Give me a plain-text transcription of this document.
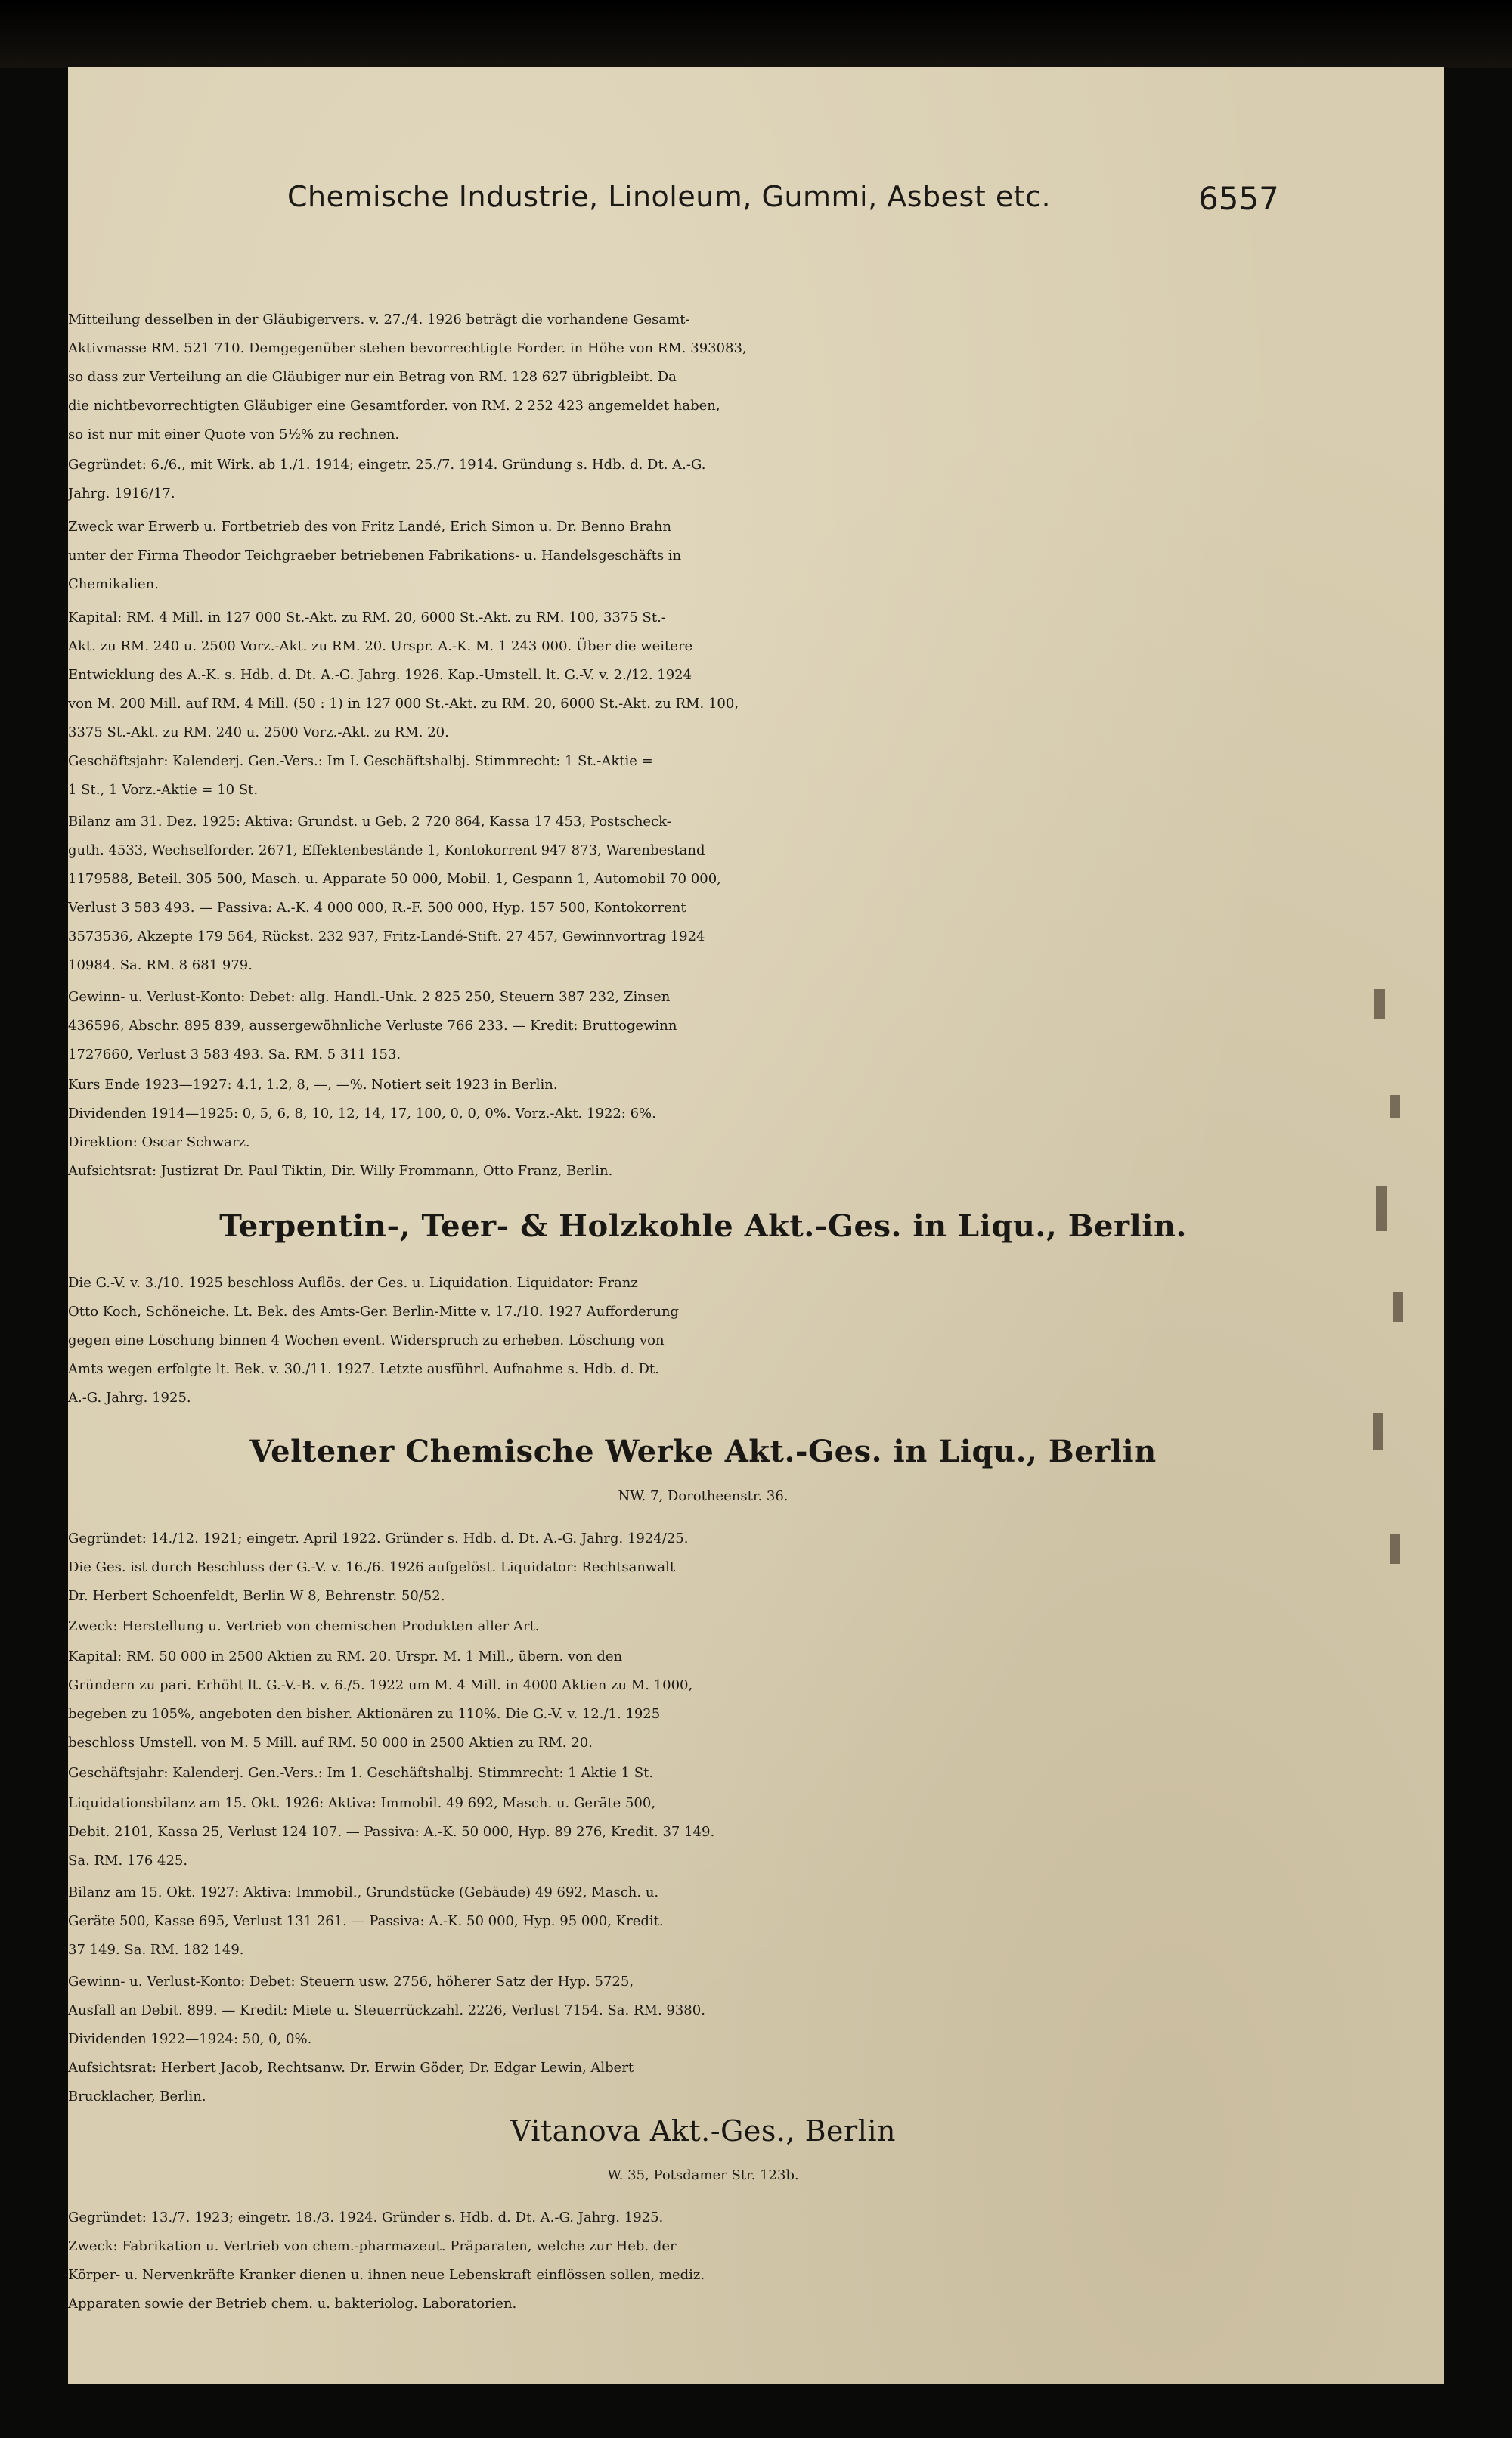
Chemische Industrie, Linoleum, Gummi, Asbest etc.	6557
Mitteilung desselben in der Gläubigervers. v. 27./4. 1926 beträgt die vorhandene Gesamt-
Aktivmasse RM. 521 710. Demgegenüber stehen bevorrechtigte Forder. in Höhe von RM. 393083,
so dass zur Verteilung an die Gläubiger nur ein Betrag von RM. 128 627 übrigbleibt. Da
die nichtbevorrechtigten Gläubiger eine Gesamtforder. von RM. 2 252 423 angemeldet haben,
so ist nur mit einer Quote von 5½% zu rechnen.
Gegründet: 6./6., mit Wirk. ab 1./1. 1914; eingetr. 25./7. 1914. Gründung s. Hdb. d. Dt. A.-G.
Jahrg. 1916/17.
Zweck war Erwerb u. Fortbetrieb des von Fritz Landé, Erich Simon u. Dr. Benno Brahn
unter der Firma Theodor Teichgraeber betriebenen Fabrikations- u. Handelsgeschäfts in
Chemikalien.
Kapital: RM. 4 Mill. in 127 000 St.-Akt. zu RM. 20, 6000 St.-Akt. zu RM. 100, 3375 St.-
Akt. zu RM. 240 u. 2500 Vorz.-Akt. zu RM. 20. Urspr. A.-K. M. 1 243 000. Über die weitere
Entwicklung des A.-K. s. Hdb. d. Dt. A.-G. Jahrg. 1926. Kap.-Umstell. lt. G.-V. v. 2./12. 1924
von M. 200 Mill. auf RM. 4 Mill. (50 : 1) in 127 000 St.-Akt. zu RM. 20, 6000 St.-Akt. zu RM. 100,
3375 St.-Akt. zu RM. 240 u. 2500 Vorz.-Akt. zu RM. 20.
Geschäftsjahr: Kalenderj. Gen.-Vers.: Im I. Geschäftshalbj. Stimmrecht: 1 St.-Aktie =
1 St., 1 Vorz.-Aktie = 10 St.
Bilanz am 31. Dez. 1925: Aktiva: Grundst. u Geb. 2 720 864, Kassa 17 453, Postscheck-
guth. 4533, Wechselforder. 2671, Effektenbestände 1, Kontokorrent 947 873, Warenbestand
1179588, Beteil. 305 500, Masch. u. Apparate 50 000, Mobil. 1, Gespann 1, Automobil 70 000,
Verlust 3 583 493. — Passiva: A.-K. 4 000 000, R.-F. 500 000, Hyp. 157 500, Kontokorrent
3573536, Akzepte 179 564, Rückst. 232 937, Fritz-Landé-Stift. 27 457, Gewinnvortrag 1924
10984. Sa. RM. 8 681 979.
Gewinn- u. Verlust-Konto: Debet: allg. Handl.-Unk. 2 825 250, Steuern 387 232, Zinsen
436596, Abschr. 895 839, aussergewöhnliche Verluste 766 233. — Kredit: Bruttogewinn
1727660, Verlust 3 583 493. Sa. RM. 5 311 153.
Kurs Ende 1923—1927: 4.1, 1.2, 8, —, —%. Notiert seit 1923 in Berlin.
Dividenden 1914—1925: 0, 5, 6, 8, 10, 12, 14, 17, 100, 0, 0, 0%. Vorz.-Akt. 1922: 6%.
Direktion: Oscar Schwarz.
Aufsichtsrat: Justizrat Dr. Paul Tiktin, Dir. Willy Frommann, Otto Franz, Berlin.
Terpentin-, Teer- & Holzkohle Akt.-Ges. in Liqu., Berlin.
Die G.-V. v. 3./10. 1925 beschloss Auflös. der Ges. u. Liquidation. Liquidator: Franz
Otto Koch, Schöneiche. Lt. Bek. des Amts-Ger. Berlin-Mitte v. 17./10. 1927 Aufforderung
gegen eine Löschung binnen 4 Wochen event. Widerspruch zu erheben. Löschung von
Amts wegen erfolgte lt. Bek. v. 30./11. 1927. Letzte ausführl. Aufnahme s. Hdb. d. Dt.
A.-G. Jahrg. 1925.
Veltener Chemische Werke Akt.-Ges. in Liqu., Berlin
NW. 7, Dorotheenstr. 36.
Gegründet: 14./12. 1921; eingetr. April 1922. Gründer s. Hdb. d. Dt. A.-G. Jahrg. 1924/25.
Die Ges. ist durch Beschluss der G.-V. v. 16./6. 1926 aufgelöst. Liquidator: Rechtsanwalt
Dr. Herbert Schoenfeldt, Berlin W 8, Behrenstr. 50/52.
Zweck: Herstellung u. Vertrieb von chemischen Produkten aller Art.
Kapital: RM. 50 000 in 2500 Aktien zu RM. 20. Urspr. M. 1 Mill., übern. von den
Gründern zu pari. Erhöht lt. G.-V.-B. v. 6./5. 1922 um M. 4 Mill. in 4000 Aktien zu M. 1000,
begeben zu 105%, angeboten den bisher. Aktionären zu 110%. Die G.-V. v. 12./1. 1925
beschloss Umstell. von M. 5 Mill. auf RM. 50 000 in 2500 Aktien zu RM. 20.
Geschäftsjahr: Kalenderj. Gen.-Vers.: Im 1. Geschäftshalbj. Stimmrecht: 1 Aktie 1 St.
Liquidationsbilanz am 15. Okt. 1926: Aktiva: Immobil. 49 692, Masch. u. Geräte 500,
Debit. 2101, Kassa 25, Verlust 124 107. — Passiva: A.-K. 50 000, Hyp. 89 276, Kredit. 37 149.
Sa. RM. 176 425.
Bilanz am 15. Okt. 1927: Aktiva: Immobil., Grundstücke (Gebäude) 49 692, Masch. u.
Geräte 500, Kasse 695, Verlust 131 261. — Passiva: A.-K. 50 000, Hyp. 95 000, Kredit.
37 149. Sa. RM. 182 149.
Gewinn- u. Verlust-Konto: Debet: Steuern usw. 2756, höherer Satz der Hyp. 5725,
Ausfall an Debit. 899. — Kredit: Miete u. Steuerrückzahl. 2226, Verlust 7154. Sa. RM. 9380.
Dividenden 1922—1924: 50, 0, 0%.
Aufsichtsrat: Herbert Jacob, Rechtsanw. Dr. Erwin Göder, Dr. Edgar Lewin, Albert
Brucklacher, Berlin.
Vitanova Akt.-Ges., Berlin
W. 35, Potsdamer Str. 123b.
Gegründet: 13./7. 1923; eingetr. 18./3. 1924. Gründer s. Hdb. d. Dt. A.-G. Jahrg. 1925.
Zweck: Fabrikation u. Vertrieb von chem.-pharmazeut. Präparaten, welche zur Heb. der
Körper- u. Nervenkräfte Kranker dienen u. ihnen neue Lebenskraft einflössen sollen, mediz.
Apparaten sowie der Betrieb chem. u. bakteriolog. Laboratorien.
